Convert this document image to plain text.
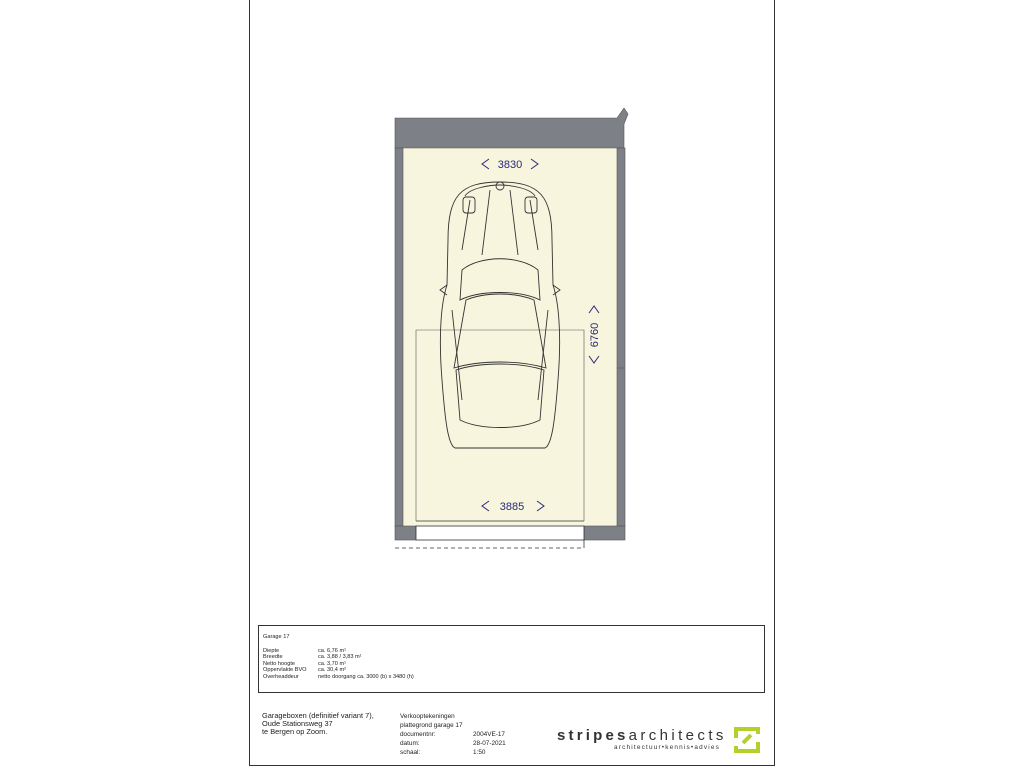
3830
3885
6760
Garage 17
Diepte	ca. 6,76 m¹
Breedte	ca. 3,88 / 3,83 m¹
Netto hoogte	ca. 3,70 m¹
Oppervlakte BVO	ca. 30,4 m²
Overheaddeur	netto doorgang ca. 3000 (b) x 3480 (h)
Garageboxen (definitief variant 7),
Oude Stationsweg 37
te Bergen op Zoom.
Verkooptekeningen
plattegrond garage 17
documentnr:	2004VE-17
datum:	28-07-2021
schaal:	1:50
stripesarchitects
architectuur•kennis•advies
